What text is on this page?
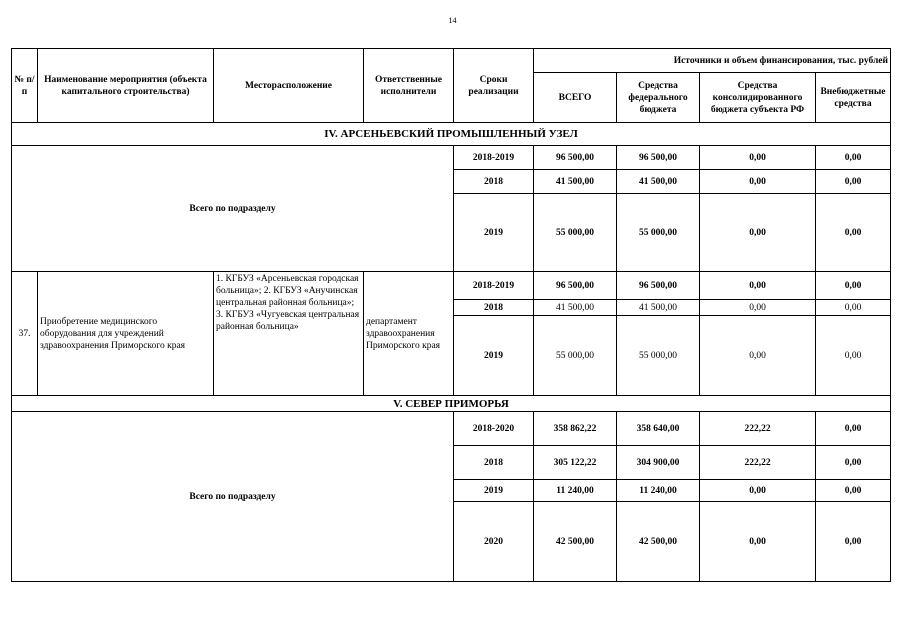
14
№ п/п	Наименование мероприятия (объекта капитального строительства)	Месторасположение	Ответственные исполнители	Сроки реализации	Источники и объем финансирования, тыс. рублей			
					ВСЕГО	Средства федерального бюджета	Средства консолидированного бюджета субъекта РФ	Внебюджетные средства
IV. АРСЕНЬЕВСКИЙ ПРОМЫШЛЕННЫЙ УЗЕЛ								
Всего по подразделу				2018-2019	96 500,00	96 500,00	0,00	0,00
				2018	41 500,00	41 500,00	0,00	0,00
				2019	55 000,00	55 000,00	0,00	0,00
37.	Приобретение медицинского оборудования для учреждений здравоохранения Приморского края	1. КГБУЗ «Арсеньевская городская больница»; 2. КГБУЗ «Анучинская центральная районная больница»; 3. КГБУЗ «Чугуевская центральная районная больница»	департамент здравоохранения Приморского края	2018-2019	96 500,00	96 500,00	0,00	0,00
				2018	41 500,00	41 500,00	0,00	0,00
				2019	55 000,00	55 000,00	0,00	0,00
V. СЕВЕР ПРИМОРЬЯ								
Всего по подразделу				2018-2020	358 862,22	358 640,00	222,22	0,00
				2018	305 122,22	304 900,00	222,22	0,00
				2019	11 240,00	11 240,00	0,00	0,00
				2020	42 500,00	42 500,00	0,00	0,00
